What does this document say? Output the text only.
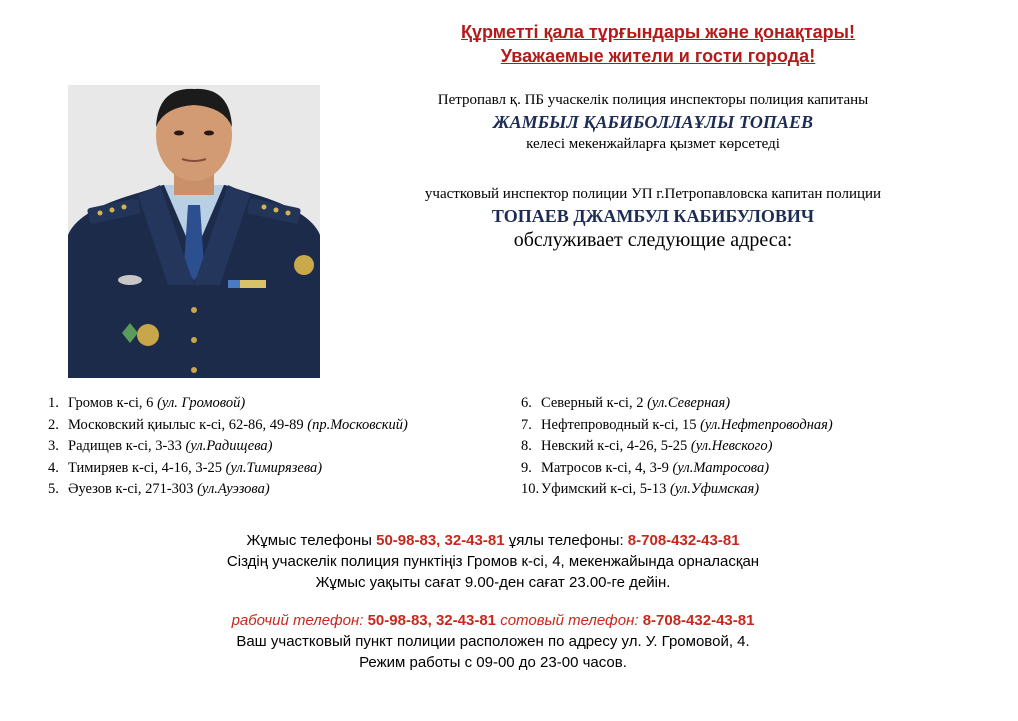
Құрметті қала тұрғындары және қонақтары!
Уважаемые жители и гости города!
Петропавл қ. ПБ учаскелік полиция инспекторы полиция капитаны
ЖАМБЫЛ ҚАБИБОЛЛАҰЛЫ ТОПАЕВ
келесі мекенжайларға қызмет көрсетеді
участковый инспектор полиции УП г.Петропавловска капитан полиции
ТОПАЕВ ДЖАМБУЛ КАБИБУЛОВИЧ
обслуживает следующие адреса:
1. Громов к-сі, 6 (ул. Громовой)
2. Московский қиылыс к-сі, 62-86, 49-89 (пр.Московский)
3. Радищев к-сі, 3-33 (ул.Радищева)
4. Тимиряев к-сі, 4-16, 3-25 (ул.Тимирязева)
5. Әуезов к-сі, 271-303 (ул.Ауэзова)
6. Северный к-сі, 2 (ул.Северная)
7. Нефтепроводный к-сі, 15 (ул.Нефтепроводная)
8. Невский к-сі, 4-26, 5-25 (ул.Невского)
9. Матросов к-сі, 4, 3-9 (ул.Матросова)
10. Уфимский к-сі, 5-13 (ул.Уфимская)
Жұмыс телефоны 50-98-83, 32-43-81 ұялы телефоны: 8-708-432-43-81
Сіздің учаскелік полиция пунктіңіз Громов к-сі, 4, мекенжайында орналасқан
Жұмыс уақыты сағат 9.00-ден сағат 23.00-ге дейін.
рабочий телефон: 50-98-83, 32-43-81 сотовый телефон: 8-708-432-43-81
Ваш участковый пункт полиции расположен по адресу ул. У. Громовой, 4.
Режим работы с 09-00 до 23-00 часов.
